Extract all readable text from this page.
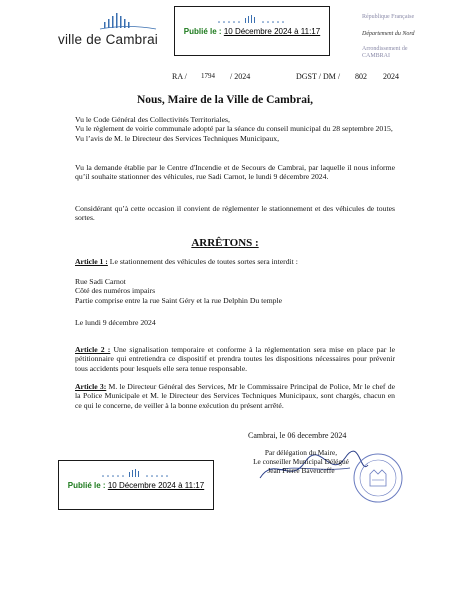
ville de Cambrai
Publié le : 10 Décembre 2024 à 11:17
République Française
Département du Nord
Arrondissement de CAMBRAI
RA / 1794 / 2024	DGST / DM / 802 2024
Nous, Maire de la Ville de Cambrai,
Vu le Code Général des Collectivités Territoriales,
Vu le règlement de voirie communale adopté par la séance du conseil municipal du 28 septembre 2015,
Vu l’avis de M. le Directeur des Services Techniques Municipaux,
Vu la demande établie par le Centre d'Incendie et de Secours de Cambrai, par laquelle il nous informe qu’il souhaite stationner des véhicules, rue Sadi Carnot, le lundi 9 décembre 2024.
Considérant qu’à cette occasion il convient de réglementer le stationnement et des véhicules de toutes sortes.
ARRÊTONS :
Article 1 : Le stationnement des véhicules de toutes sortes sera interdit :
Rue Sadi Carnot
Côté des numéros impairs
Partie comprise entre la rue Saint Géry et la rue Delphin Du temple
Le lundi 9 décembre 2024
Article 2 : Une signalisation temporaire et conforme à la réglementation sera mise en place par le pétitionnaire qui entretiendra ce dispositif et prendra toutes les dispositions nécessaires pour prévenir tous accidents pour lesquels elle sera tenue responsable.
Article 3: M. le Directeur Général des Services, Mr le Commissaire Principal de Police, Mr le chef de la Police Municipale et M. le Directeur des Services Techniques Municipaux, sont chargés, chacun en ce qui le concerne, de veiller à la bonne exécution du présent arrêté.
Cambrai, le 06 decembre 2024
Par délégation du Maire,
Le conseiller Municipal Délégué
Jean Pierre Baveuceffe
Publié le : 10 Décembre 2024 à 11:17
